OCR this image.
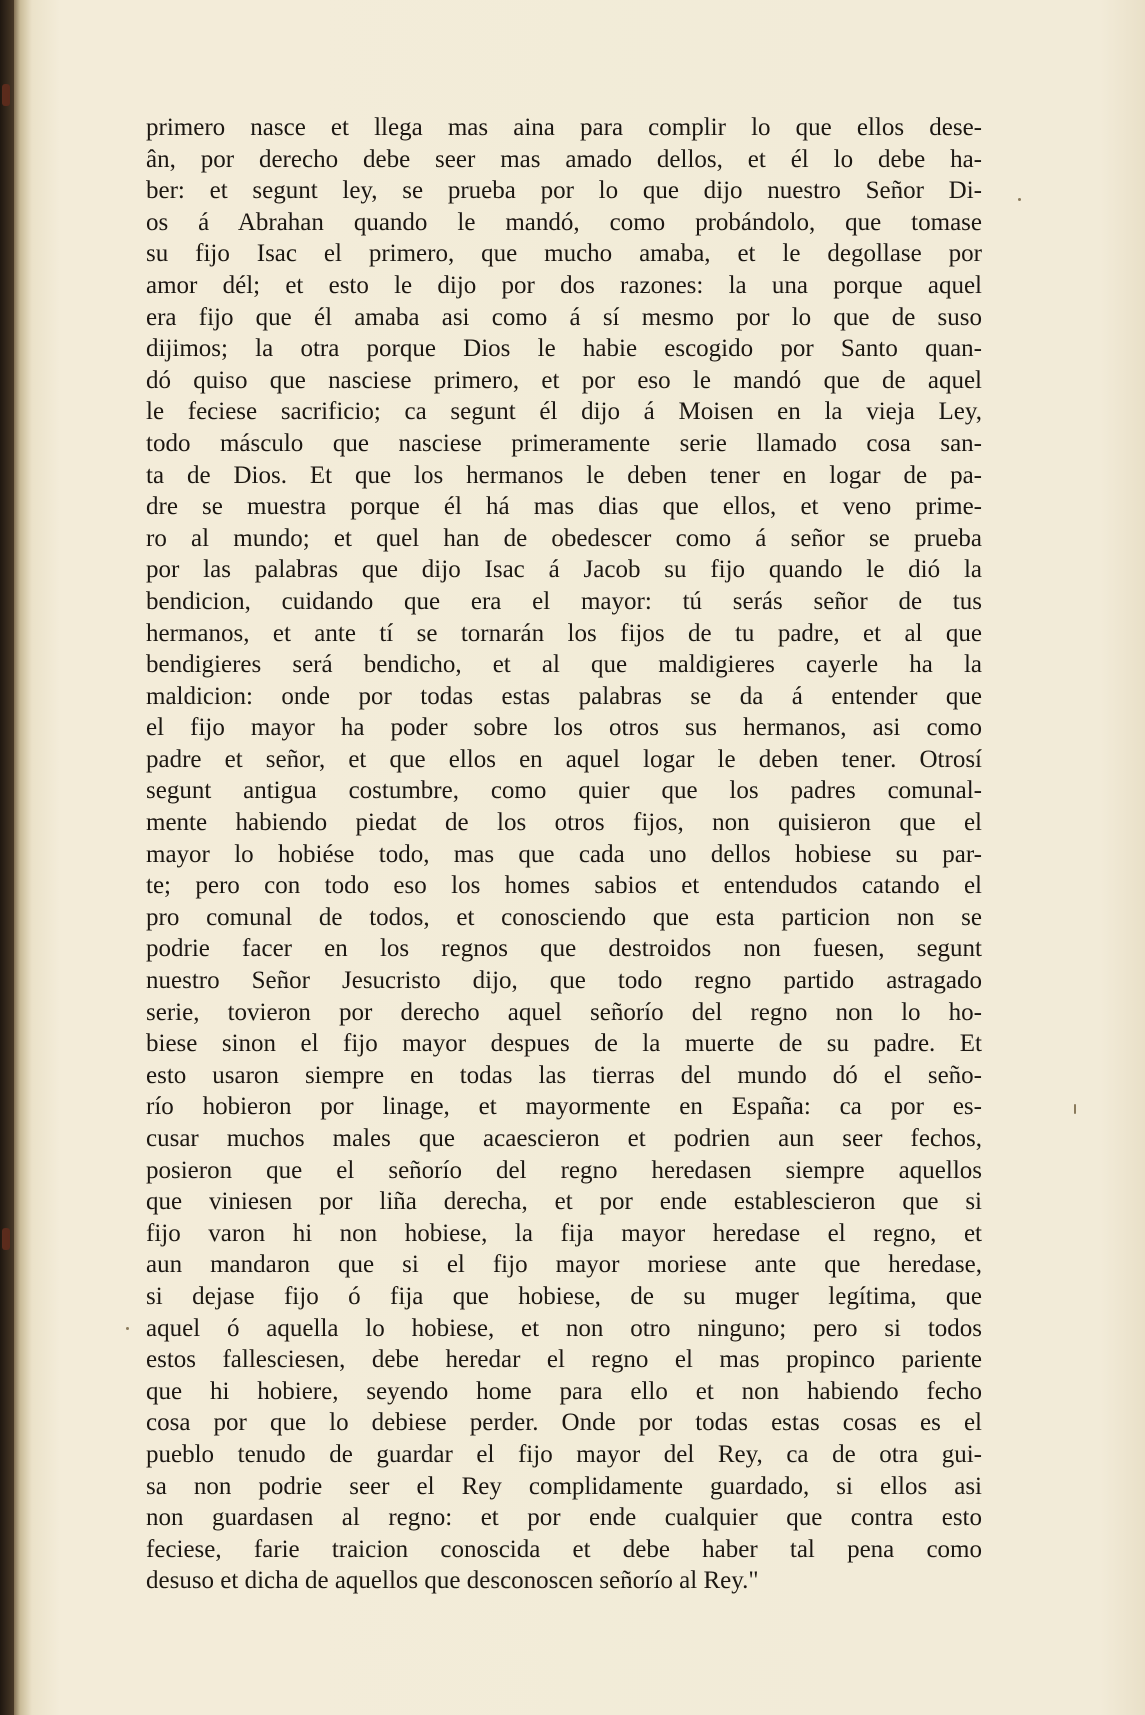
primero nasce et llega mas aina para complir lo que ellos dese-
ân, por derecho debe seer mas amado dellos, et él lo debe ha-
ber: et segunt ley, se prueba por lo que dijo nuestro Señor Di-
os á Abrahan quando le mandó, como probándolo, que tomase
su fijo Isac el primero, que mucho amaba, et le degollase por
amor dél; et esto le dijo por dos razones: la una porque aquel
era fijo que él amaba asi como á sí mesmo por lo que de suso
dijimos; la otra porque Dios le habie escogido por Santo quan-
dó quiso que nasciese primero, et por eso le mandó que de aquel
le feciese sacrificio; ca segunt él dijo á Moisen en la vieja Ley,
todo másculo que nasciese primeramente serie llamado cosa san-
ta de Dios. Et que los hermanos le deben tener en logar de pa-
dre se muestra porque él há mas dias que ellos, et veno prime-
ro al mundo; et quel han de obedescer como á señor se prueba
por las palabras que dijo Isac á Jacob su fijo quando le dió la
bendicion, cuidando que era el mayor: tú serás señor de tus
hermanos, et ante tí se tornarán los fijos de tu padre, et al que
bendigieres será bendicho, et al que maldigieres cayerle ha la
maldicion: onde por todas estas palabras se da á entender que
el fijo mayor ha poder sobre los otros sus hermanos, asi como
padre et señor, et que ellos en aquel logar le deben tener. Otrosí
segunt antigua costumbre, como quier que los padres comunal-
mente habiendo piedat de los otros fijos, non quisieron que el
mayor lo hobiése todo, mas que cada uno dellos hobiese su par-
te; pero con todo eso los homes sabios et entendudos catando el
pro comunal de todos, et conosciendo que esta particion non se
podrie facer en los regnos que destroidos non fuesen, segunt
nuestro Señor Jesucristo dijo, que todo regno partido astragado
serie, tovieron por derecho aquel señorío del regno non lo ho-
biese sinon el fijo mayor despues de la muerte de su padre. Et
esto usaron siempre en todas las tierras del mundo dó el seño-
río hobieron por linage, et mayormente en España: ca por es-
cusar muchos males que acaescieron et podrien aun seer fechos,
posieron que el señorío del regno heredasen siempre aquellos
que viniesen por liña derecha, et por ende establescieron que si
fijo varon hi non hobiese, la fija mayor heredase el regno, et
aun mandaron que si el fijo mayor moriese ante que heredase,
si dejase fijo ó fija que hobiese, de su muger legítima, que
aquel ó aquella lo hobiese, et non otro ninguno; pero si todos
estos fallesciesen, debe heredar el regno el mas propinco pariente
que hi hobiere, seyendo home para ello et non habiendo fecho
cosa por que lo debiese perder. Onde por todas estas cosas es el
pueblo tenudo de guardar el fijo mayor del Rey, ca de otra gui-
sa non podrie seer el Rey complidamente guardado, si ellos asi
non guardasen al regno: et por ende cualquier que contra esto
feciese, farie traicion conoscida et debe haber tal pena como
desuso et dicha de aquellos que desconoscen señorío al Rey."
